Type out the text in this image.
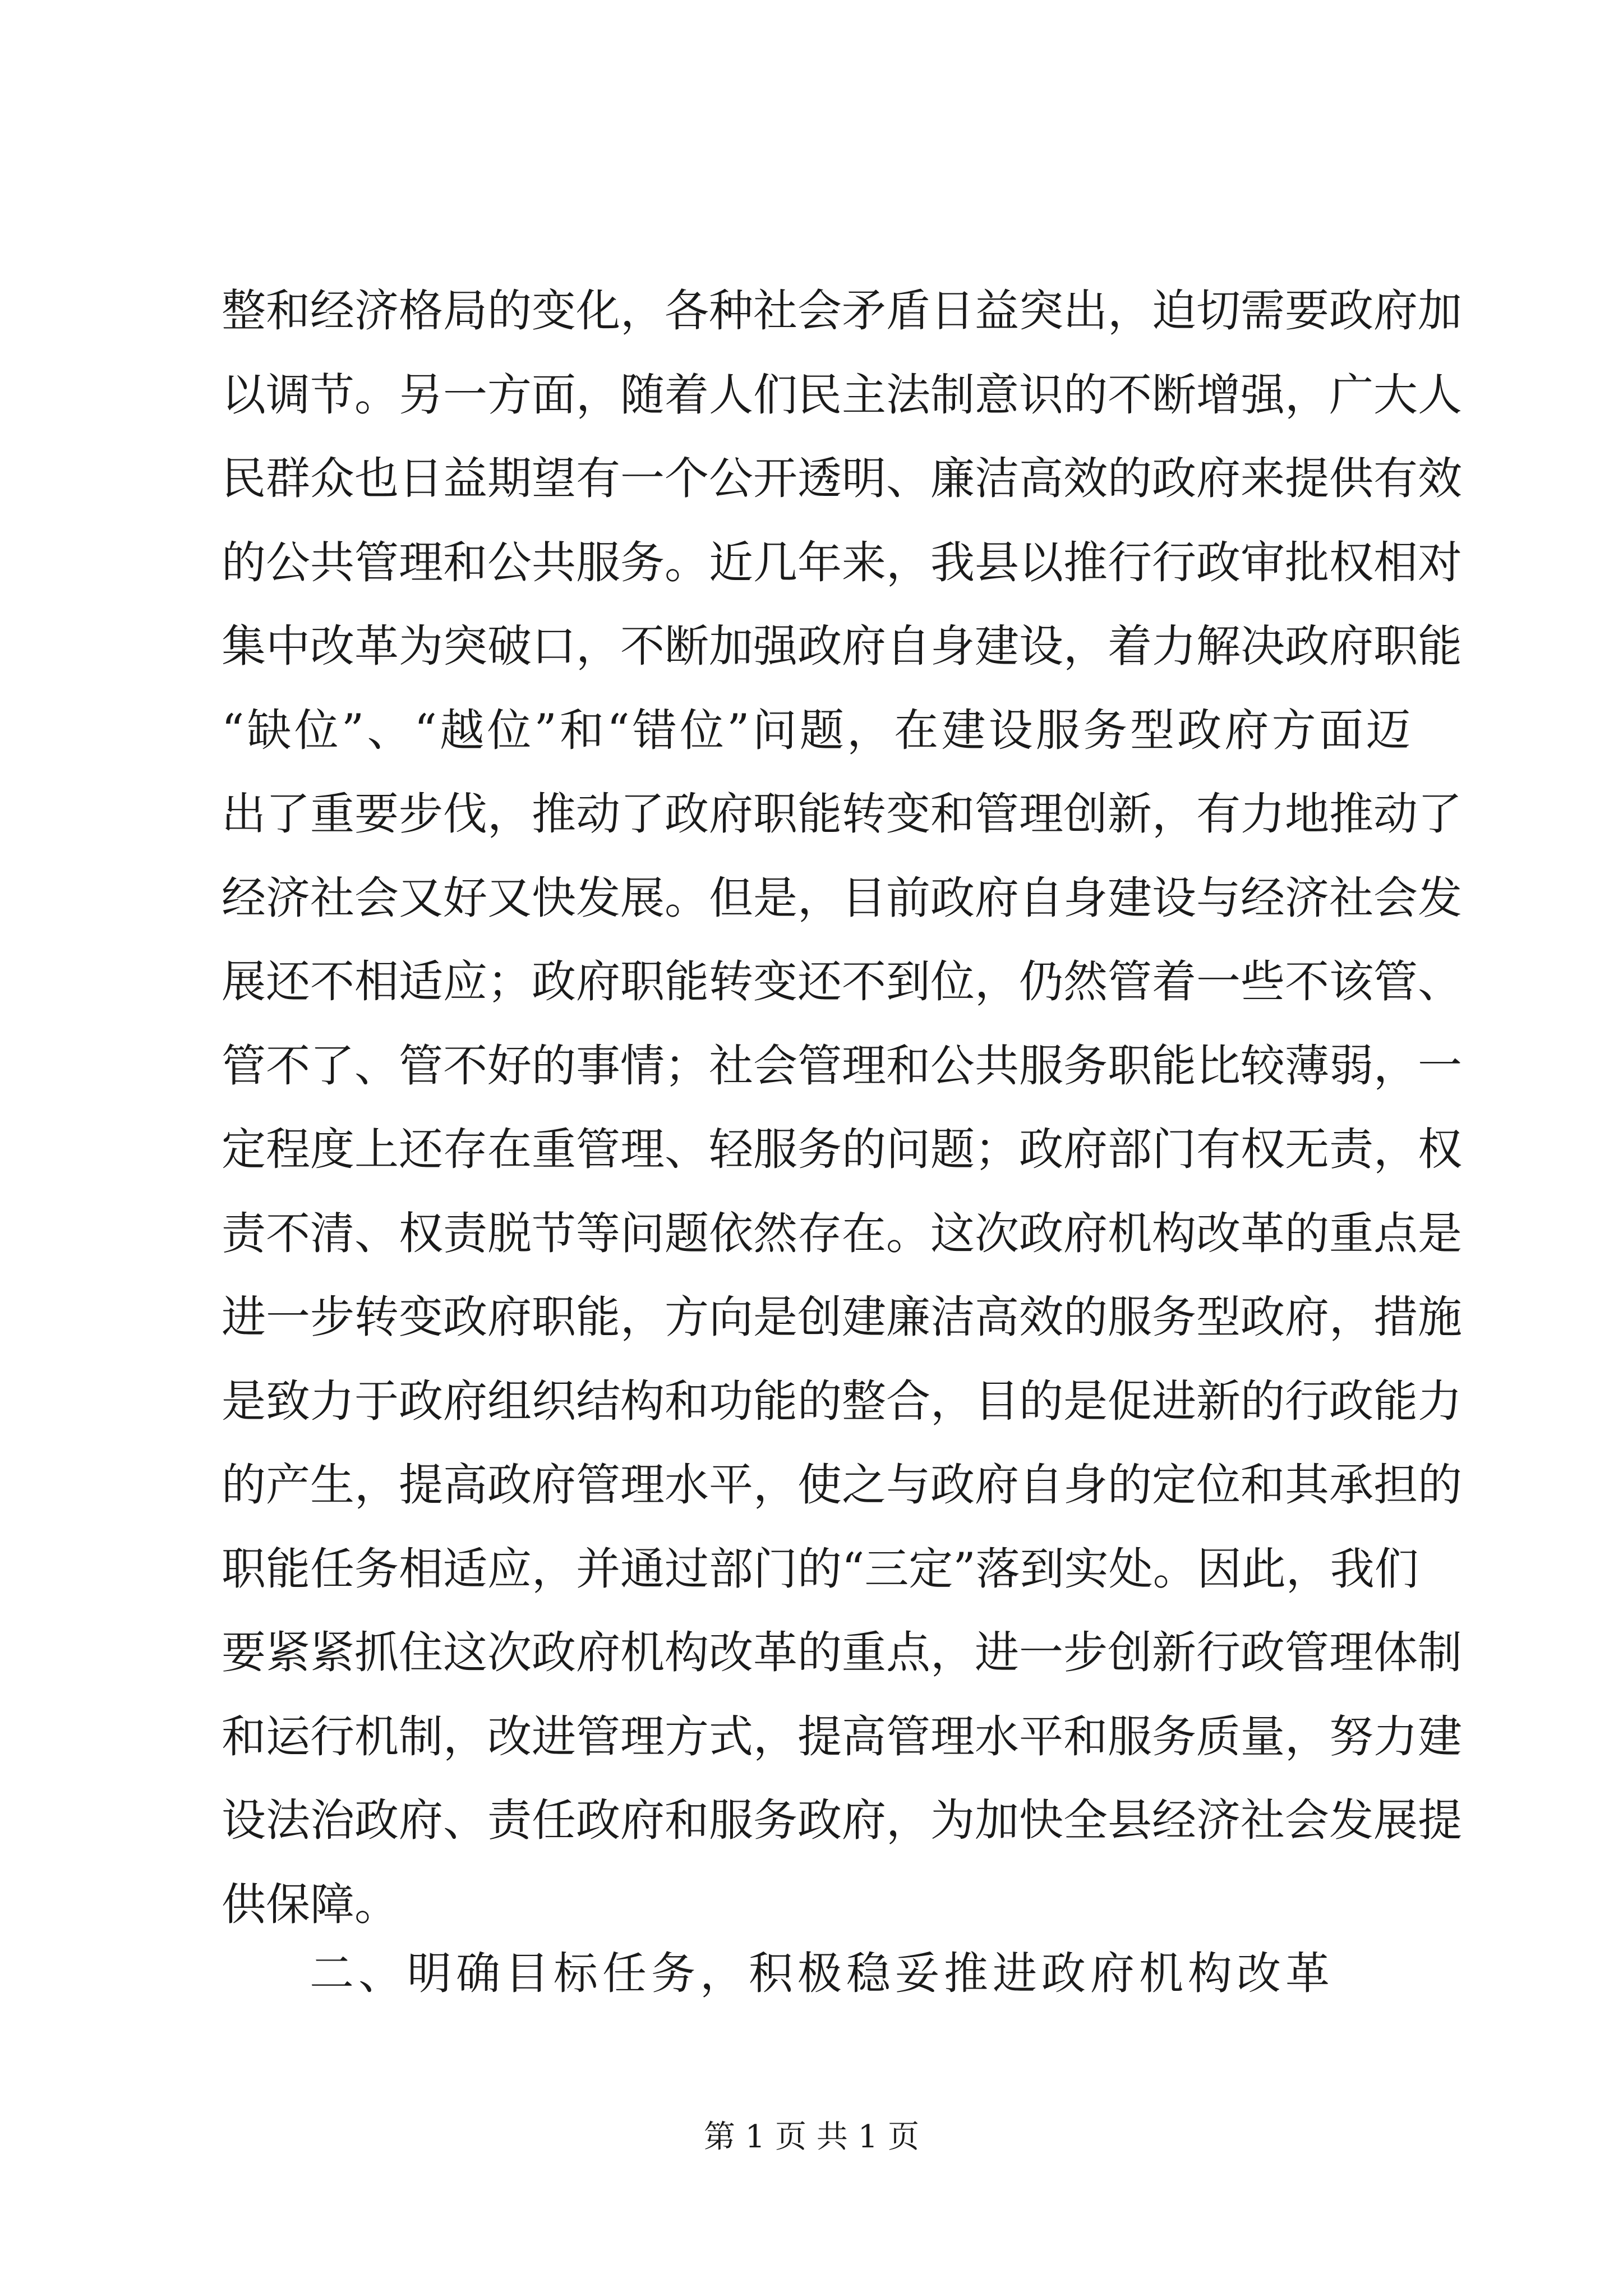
整和经济格局的变化，各种社会矛盾日益突出，迫切需要政府加
以调节。另一方面，随着人们民主法制意识的不断增强，广大人
民群众也日益期望有一个公开透明、廉洁高效的政府来提供有效
的公共管理和公共服务。近几年来，我县以推行行政审批权相对
集中改革为突破口，不断加强政府自身建设，着力解决政府职能
“缺位”、“越位”和“错位”问题，在建设服务型政府方面迈
出了重要步伐，推动了政府职能转变和管理创新，有力地推动了
经济社会又好又快发展。但是，目前政府自身建设与经济社会发
展还不相适应；政府职能转变还不到位，仍然管着一些不该管、
管不了、管不好的事情；社会管理和公共服务职能比较薄弱，一
定程度上还存在重管理、轻服务的问题；政府部门有权无责，权
责不清、权责脱节等问题依然存在。这次政府机构改革的重点是
进一步转变政府职能，方向是创建廉洁高效的服务型政府，措施
是致力于政府组织结构和功能的整合，目的是促进新的行政能力
的产生，提高政府管理水平，使之与政府自身的定位和其承担的
职能任务相适应，并通过部门的“三定”落到实处。因此，我们
要紧紧抓住这次政府机构改革的重点，进一步创新行政管理体制
和运行机制，改进管理方式，提高管理水平和服务质量，努力建
设法治政府、责任政府和服务政府，为加快全县经济社会发展提
供保障。
二、明确目标任务，积极稳妥推进政府机构改革
第 1 页 共 1 页
